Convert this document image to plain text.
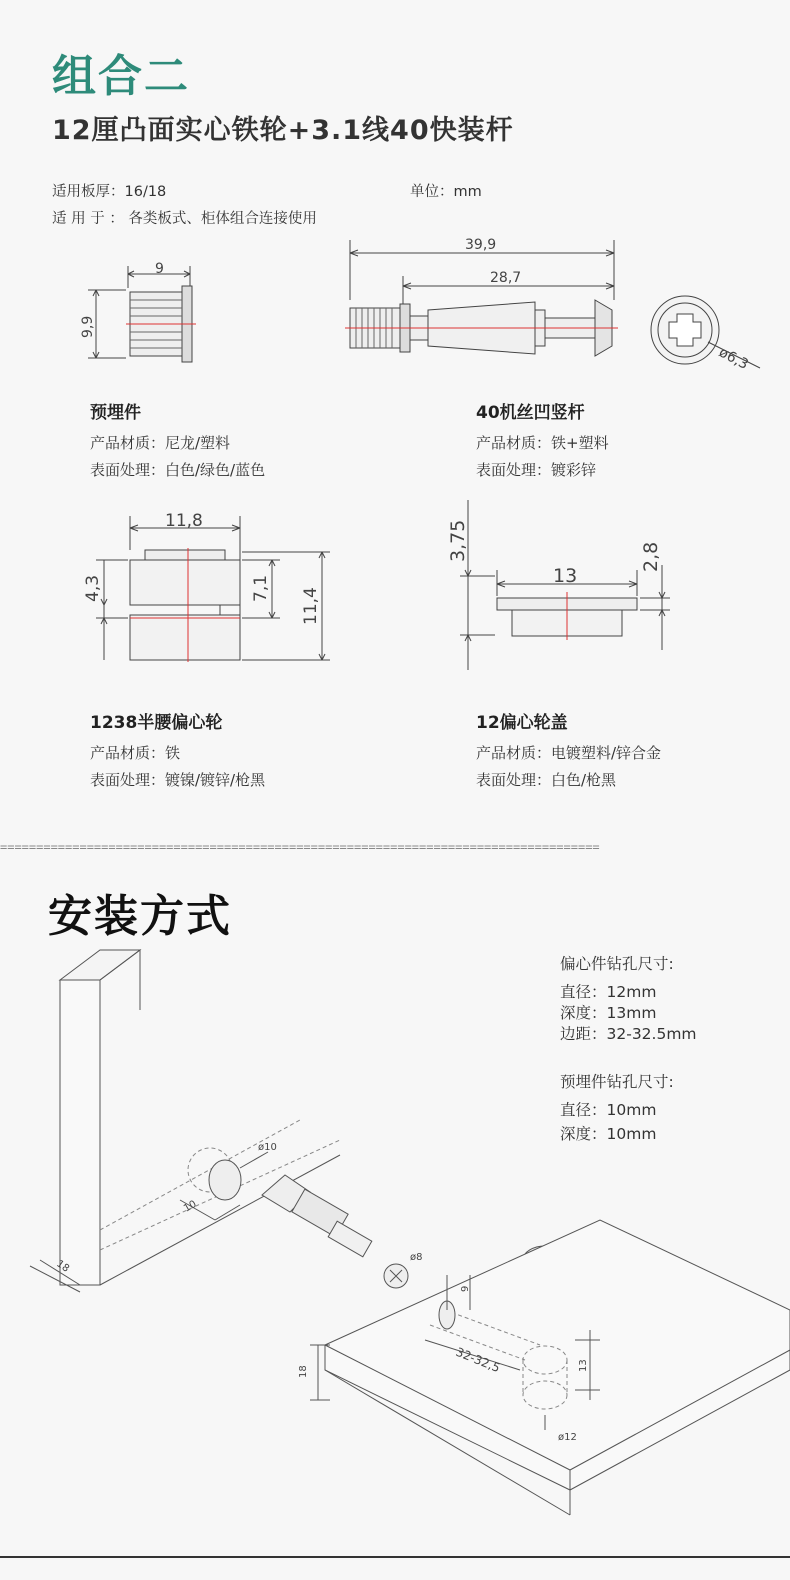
组合二
12厘凸面实心铁轮+3.1线40快装杆
适用板厚：16/18
适 用 于 ： 各类板式、柜体组合连接使用
单位：mm
ø6,3
9
9,9
39,9
28,7
11,8
4,3	7,1 11,4
3,75
13
2,8
预埋件
产品材质：尼龙/塑料
表面处理：白色/绿色/蓝色
40机丝凹竖杆
产品材质：铁+塑料
表面处理：镀彩锌
1238半腰偏心轮
产品材质：铁
表面处理：镀镍/镀锌/枪黑
12偏心轮盖
产品材质：电镀塑料/锌合金
表面处理：白色/枪黑
===================================================================================
安装方式
偏心件钻孔尺寸:
直径：12mm
深度：13mm
边距：32-32.5mm
预埋件钻孔尺寸:
直径：10mm
深度：10mm
ø10
10
18
ø8
9
32-32,5	13
ø12
18
